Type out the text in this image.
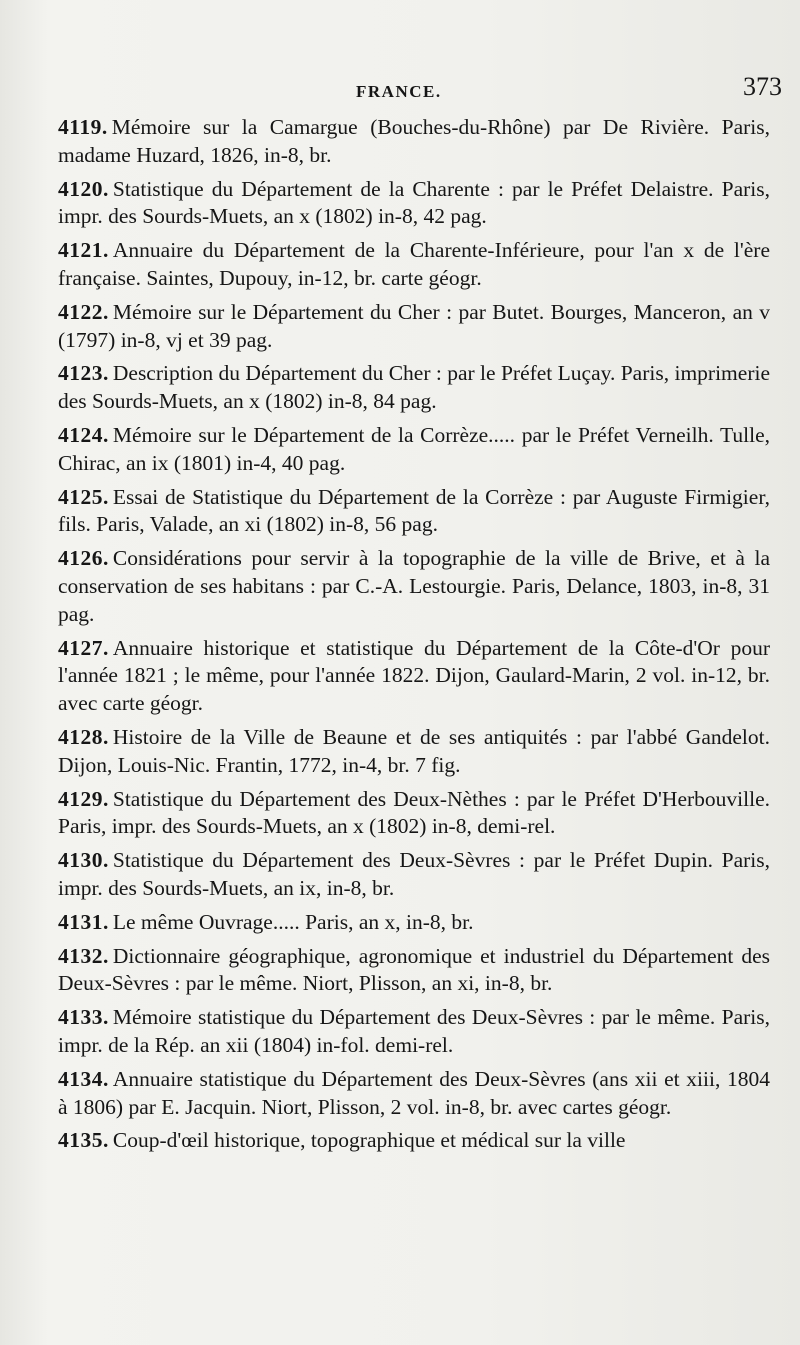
FRANCE.	373

4119. Mémoire sur la Camargue (Bouches-du-Rhône) par De Rivière. Paris, madame Huzard, 1826, in-8, br.

4120. Statistique du Département de la Charente : par le Préfet Delaistre. Paris, impr. des Sourds-Muets, an x (1802) in-8, 42 pag.

4121. Annuaire du Département de la Charente-Inférieure, pour l'an x de l'ère française. Saintes, Dupouy, in-12, br. carte géogr.

4122. Mémoire sur le Département du Cher : par Butet. Bourges, Manceron, an v (1797) in-8, vj et 39 pag.

4123. Description du Département du Cher : par le Préfet Luçay. Paris, imprimerie des Sourds-Muets, an x (1802) in-8, 84 pag.

4124. Mémoire sur le Département de la Corrèze..... par le Préfet Verneilh. Tulle, Chirac, an ix (1801) in-4, 40 pag.

4125. Essai de Statistique du Département de la Corrèze : par Auguste Firmigier, fils. Paris, Valade, an xi (1802) in-8, 56 pag.

4126. Considérations pour servir à la topographie de la ville de Brive, et à la conservation de ses habitans : par C.-A. Lestourgie. Paris, Delance, 1803, in-8, 31 pag.

4127. Annuaire historique et statistique du Département de la Côte-d'Or pour l'année 1821 ; le même, pour l'année 1822. Dijon, Gaulard-Marin, 2 vol. in-12, br. avec carte géogr.

4128. Histoire de la Ville de Beaune et de ses antiquités : par l'abbé Gandelot. Dijon, Louis-Nic. Frantin, 1772, in-4, br. 7 fig.

4129. Statistique du Département des Deux-Nèthes : par le Préfet D'Herbouville. Paris, impr. des Sourds-Muets, an x (1802) in-8, demi-rel.

4130. Statistique du Département des Deux-Sèvres : par le Préfet Dupin. Paris, impr. des Sourds-Muets, an ix, in-8, br.

4131. Le même Ouvrage..... Paris, an x, in-8, br.

4132. Dictionnaire géographique, agronomique et industriel du Département des Deux-Sèvres : par le même. Niort, Plisson, an xi, in-8, br.

4133. Mémoire statistique du Département des Deux-Sèvres : par le même. Paris, impr. de la Rép. an xii (1804) in-fol. demi-rel.

4134. Annuaire statistique du Département des Deux-Sèvres (ans xii et xiii, 1804 à 1806) par E. Jacquin. Niort, Plisson, 2 vol. in-8, br. avec cartes géogr.

4135. Coup-d'œil historique, topographique et médical sur la ville
